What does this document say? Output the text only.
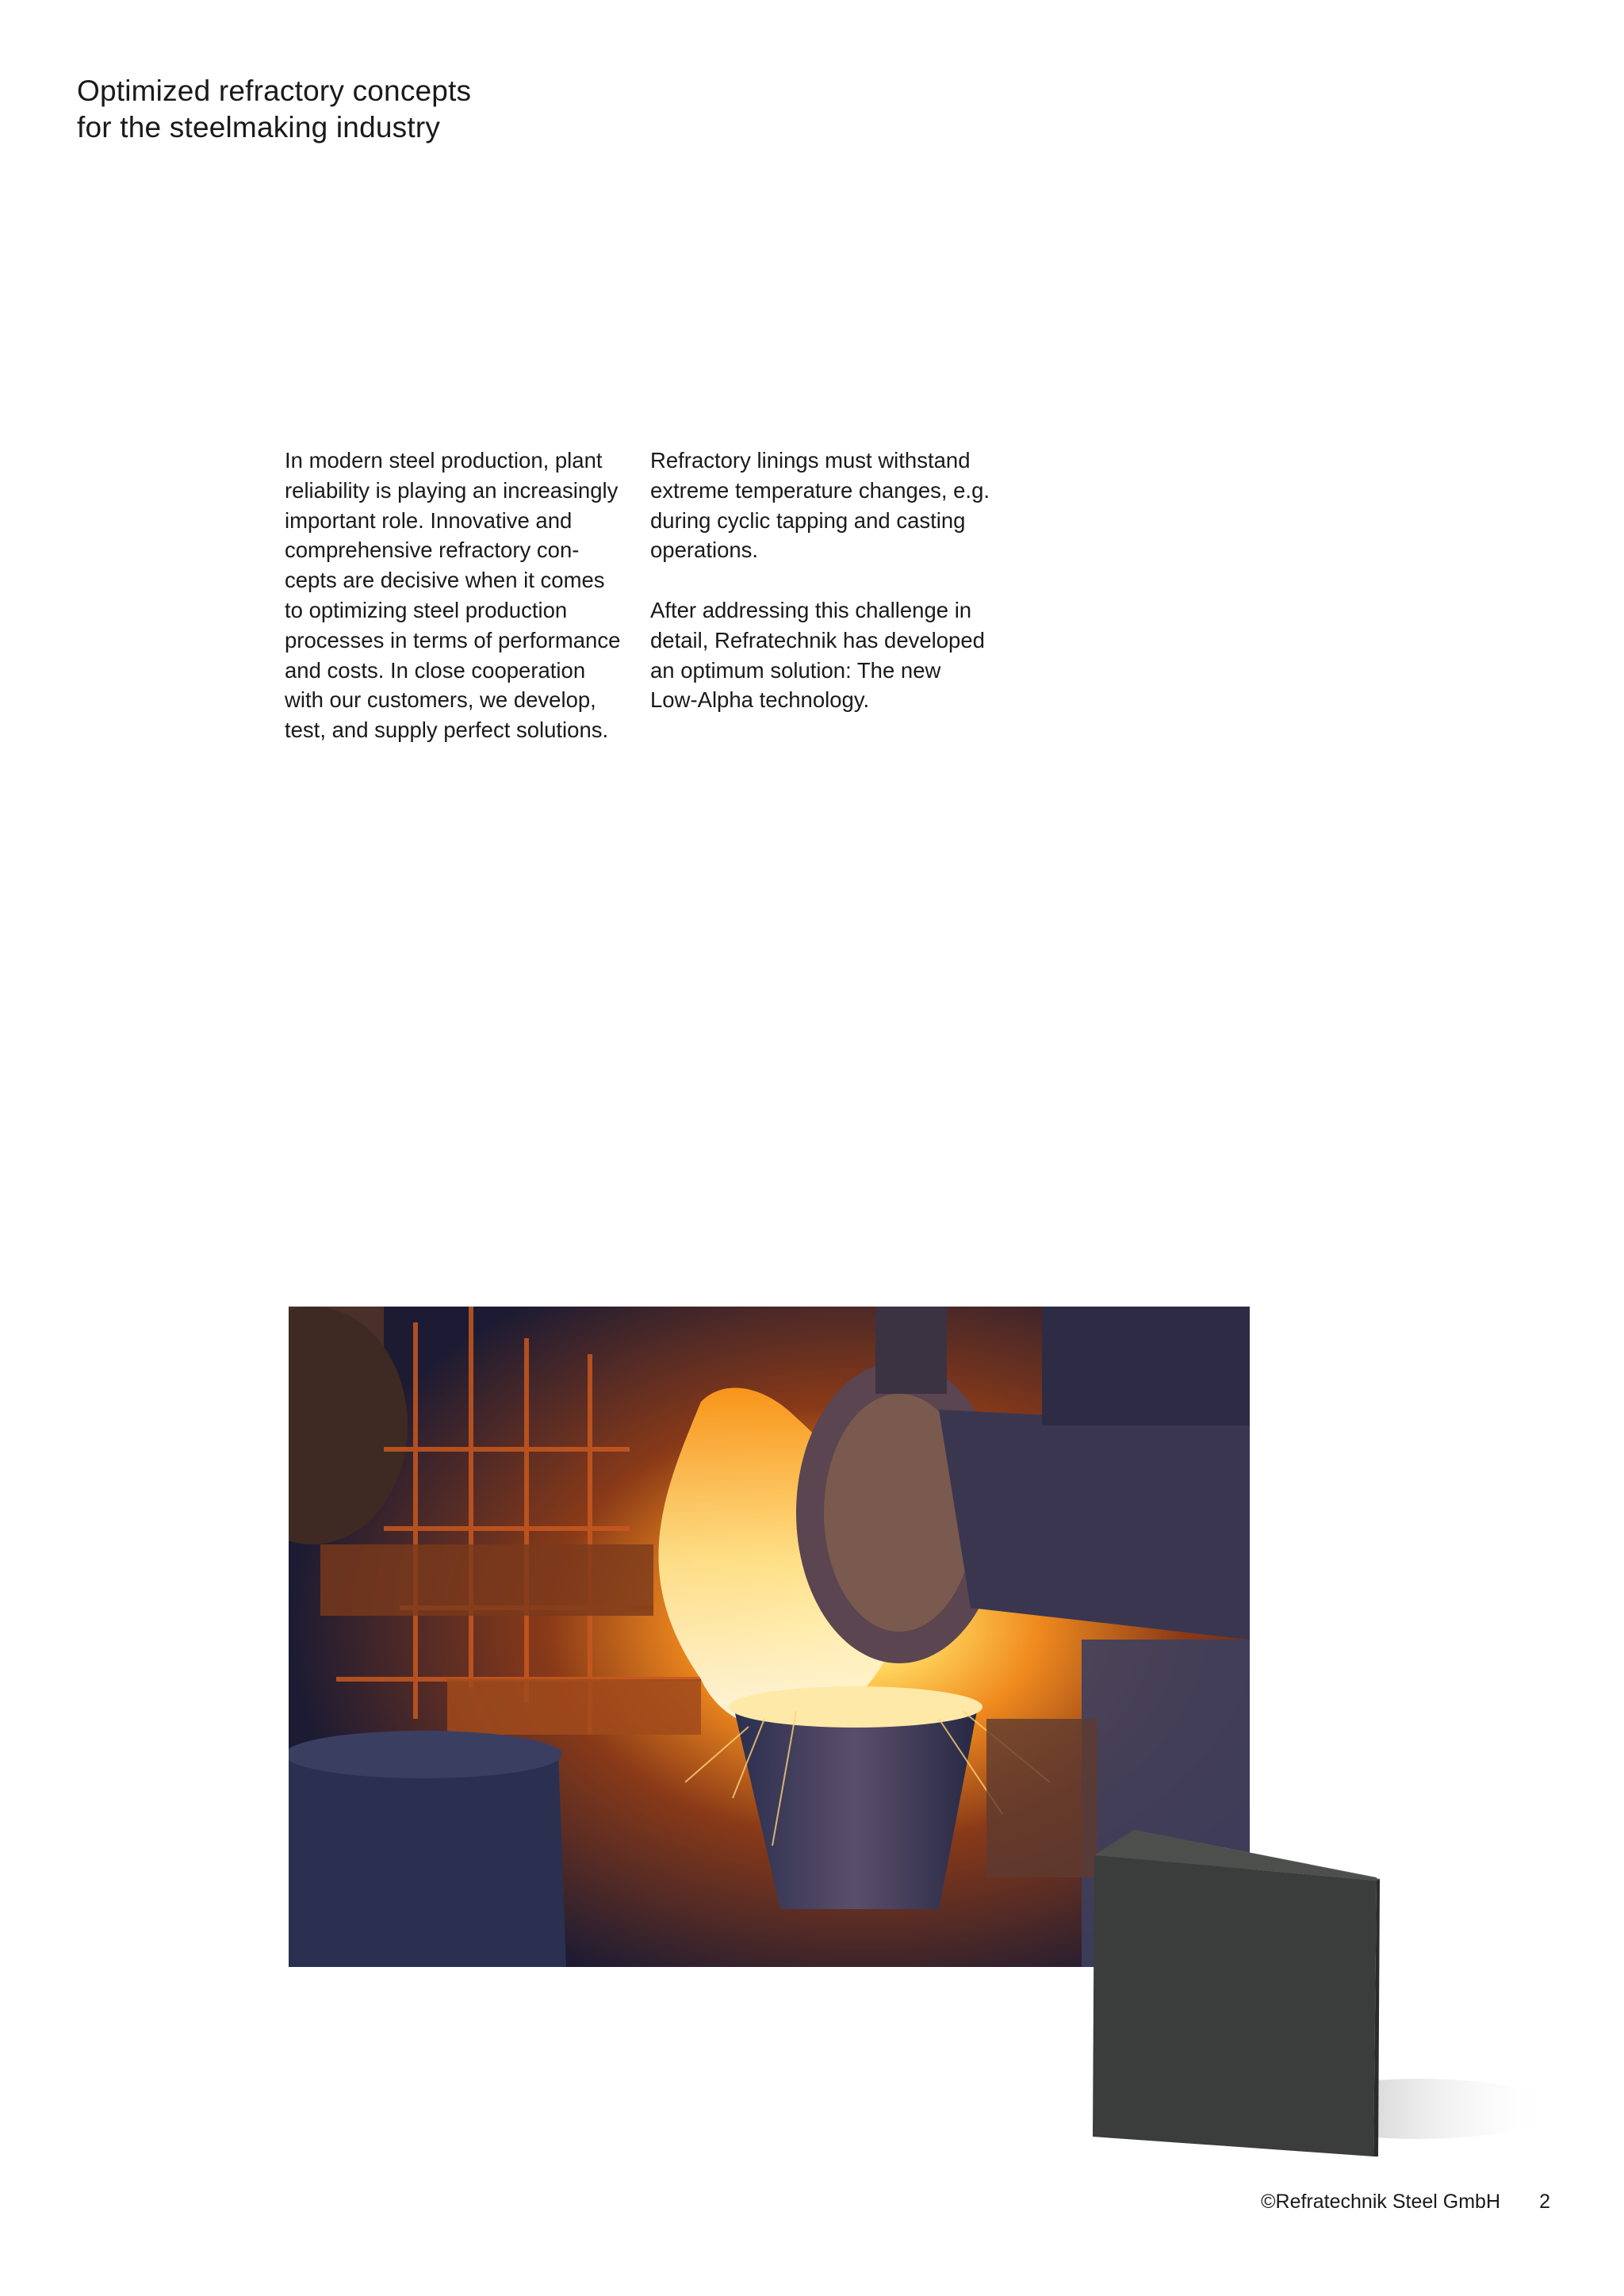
Optimized refractory concepts
for the steelmaking industry

In modern steel production, plant reliability is playing an increasingly important role. Innovative and comprehensive refractory con-cepts are decisive when it comes to optimizing steel production processes in terms of performance and costs. In close cooperation with our customers, we develop, test, and supply perfect solutions.

Refractory linings must withstand extreme temperature changes, e.g. during cyclic tapping and casting operations.

After addressing this challenge in detail, Refratechnik has developed an optimum solution: The new Low-Alpha technology.

©Refratechnik Steel GmbH 2
